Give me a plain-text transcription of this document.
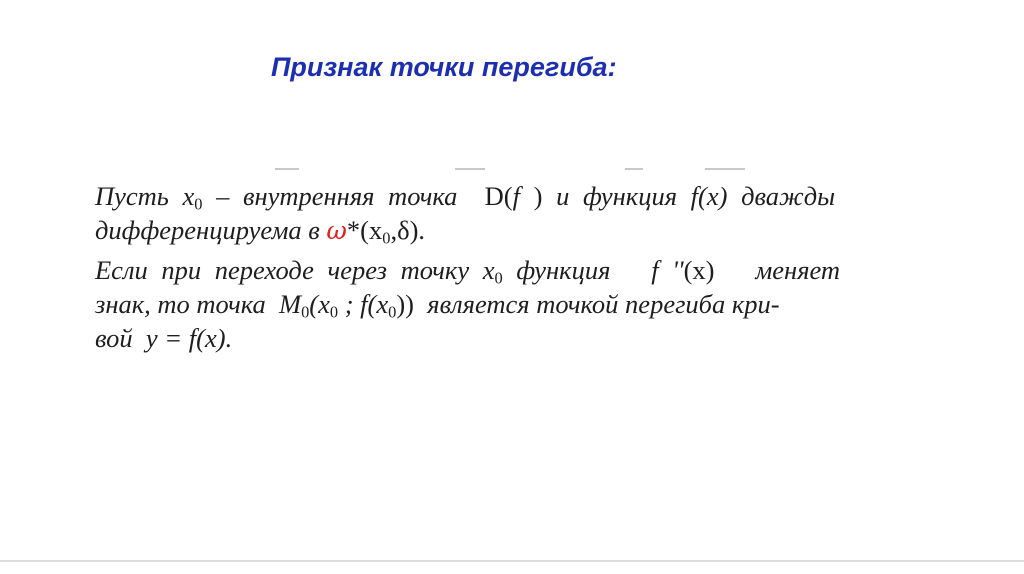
Признак точки перегиба:
Пусть $x_0$ – внутренняя точка D(f ) и функция f(x) дважды
дифференцируема в $\omega*(x_0,\delta)$.
Если при переходе через точку $x_0$ функция f ''(x) меняет
знак, то точка $M_0(x_0$ ; $f(x_0)$) является точкой перегиба кри-
вой y = f(x).
